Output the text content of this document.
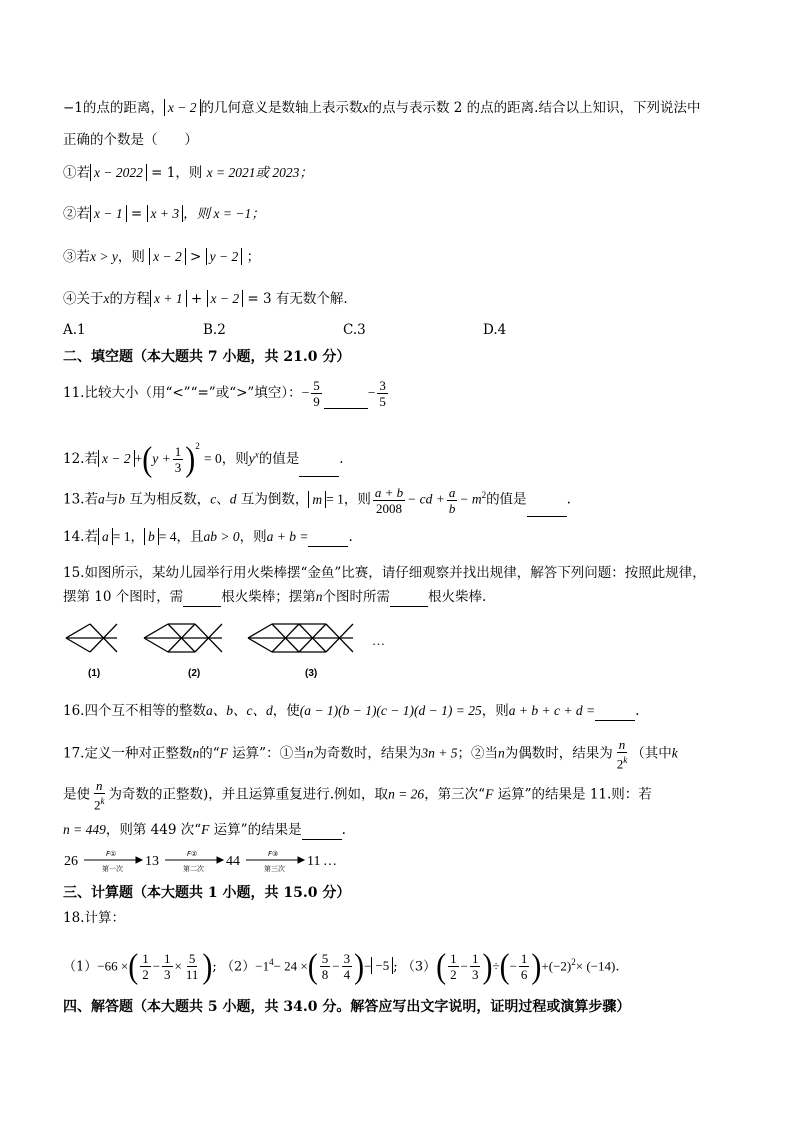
−1的点的距离， x − 2 的几何意义是数轴上表示数x的点与表示数 2 的点的距离.结合以上知识，下列说法中
正确的个数是（　　）
①若 x − 2022 = 1，则 x = 2021或 2023；
②若 x − 1 = x + 3 ，则 x = −1；
③若x > y，则 x − 2 > y − 2 ；
④关于x的方程 x + 1 + x − 2 = 3 有无数个解.
A.1	B.2	C.3	D.4
二、填空题（本大题共 7 小题，共 21.0 分）
11.比较大小（用“<”“=”或“>”填空）：− $\frac{5}{9}$	− $\frac{3}{5}$
12.若 $x - 2 +(y + \frac{1}{3} )^2 = 0$，则$y^x$的值是	.
13.若a与b 互为相反数，c、d 互为倒数， m = 1，则 $\frac{a + b}{2008}$ − cd + $\frac{a}{b} - m^2$的值是	.
14.若 a = 1， b = 4，且ab > 0，则a + b =	.
15.如图所示，某幼儿园举行用火柴棒摆“金鱼”比赛，请仔细观察并找出规律，解答下列问题：按照此规律，
摆第 10 个图时，需	根火柴棒；摆第n个图时所需	根火柴棒.
(1)	(2)	(3)
…
16.四个互不相等的整数a、b、c、d，使(a − 1)(b − 1)(c − 1)(d − 1) = 25，则a + b + c + d =	.
17.定义一种对正整数n的“F 运算”：①当n为奇数时，结果为3n + 5；②当n为偶数时，结果为 $\frac{n}{2^k}$ （其中k
是使 $\frac{n}{2^k}$ 为奇数的正整数)，并且运算重复进行.例如，取n = 26，第三次“F 运算”的结果是 11.则：若
n = 449，则第 449 次“F 运算”的结果是	.
26	13	44	11 …
F①	F②	F③
第一次	第二次	第三次
三、计算题（本大题共 1 小题，共 15.0 分）
18.计算：
（1）−66 ×( $\frac{1}{2} - \frac{1}{3} \times \frac{5}{11}$ ); $(2)-1^4- 24$ ×( $\frac{5}{8} - \frac{3}{4}$ )− −5 ; $(3)( \frac{1}{2} - \frac{1}{3}$ )÷(− $\frac{1}{6} )+(-2)^2\times (-14)$.
四、解答题（本大题共 5 小题，共 34.0 分。解答应写出文字说明，证明过程或演算步骤）
